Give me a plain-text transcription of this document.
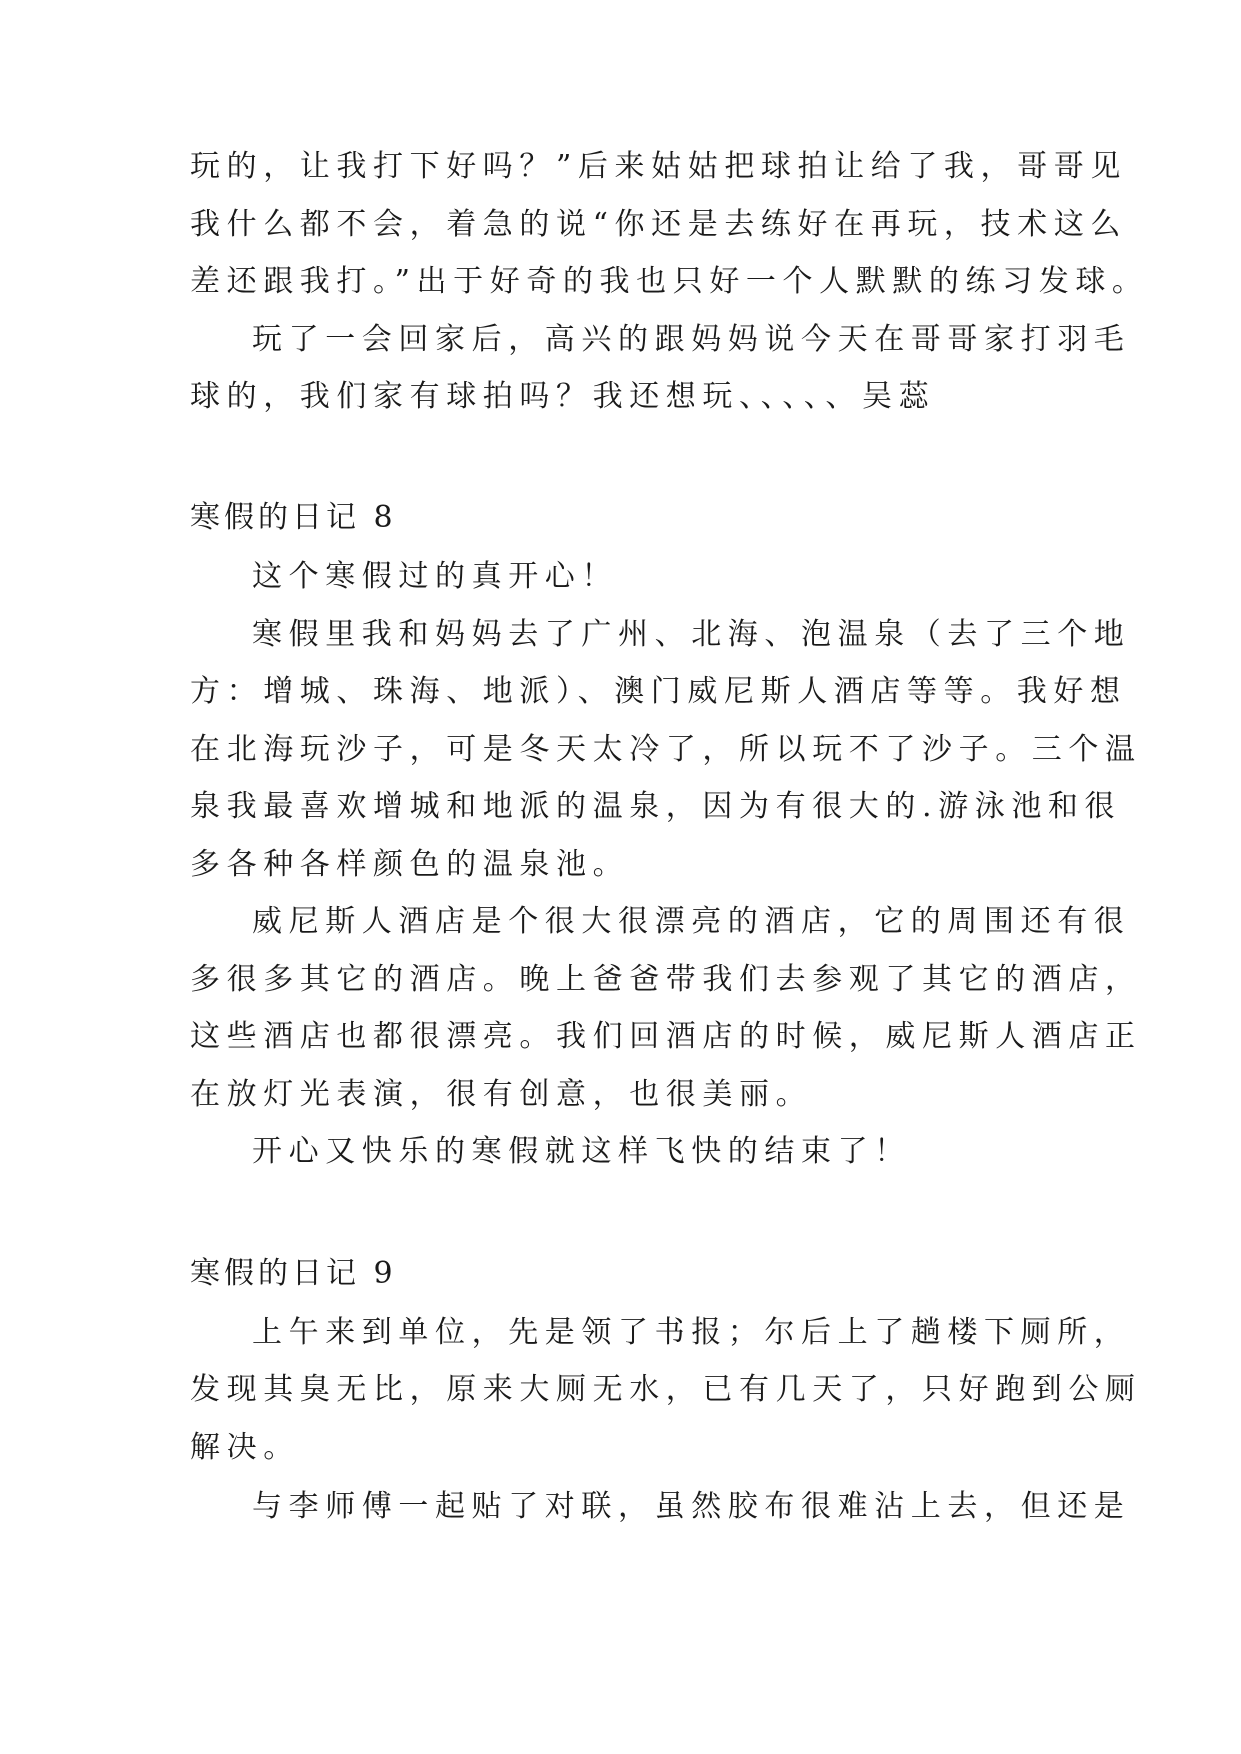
玩的，让我打下好吗？”后来姑姑把球拍让给了我，哥哥见
我什么都不会，着急的说“你还是去练好在再玩，技术这么
差还跟我打。”出于好奇的我也只好一个人默默的练习发球。
玩了一会回家后，高兴的跟妈妈说今天在哥哥家打羽毛
球的，我们家有球拍吗？我还想玩、、、、、吴蕊
寒假的日记 8
这个寒假过的真开心！
寒假里我和妈妈去了广州、北海、泡温泉（去了三个地
方：增城、珠海、地派）、澳门威尼斯人酒店等等。我好想
在北海玩沙子，可是冬天太冷了，所以玩不了沙子。三个温
泉我最喜欢增城和地派的温泉，因为有很大的.游泳池和很
多各种各样颜色的温泉池。
威尼斯人酒店是个很大很漂亮的酒店，它的周围还有很
多很多其它的酒店。晚上爸爸带我们去参观了其它的酒店，
这些酒店也都很漂亮。我们回酒店的时候，威尼斯人酒店正
在放灯光表演，很有创意，也很美丽。
开心又快乐的寒假就这样飞快的结束了！
寒假的日记 9
上午来到单位，先是领了书报；尔后上了趟楼下厕所，
发现其臭无比，原来大厕无水，已有几天了，只好跑到公厕
解决。
与李师傅一起贴了对联，虽然胶布很难沾上去，但还是
